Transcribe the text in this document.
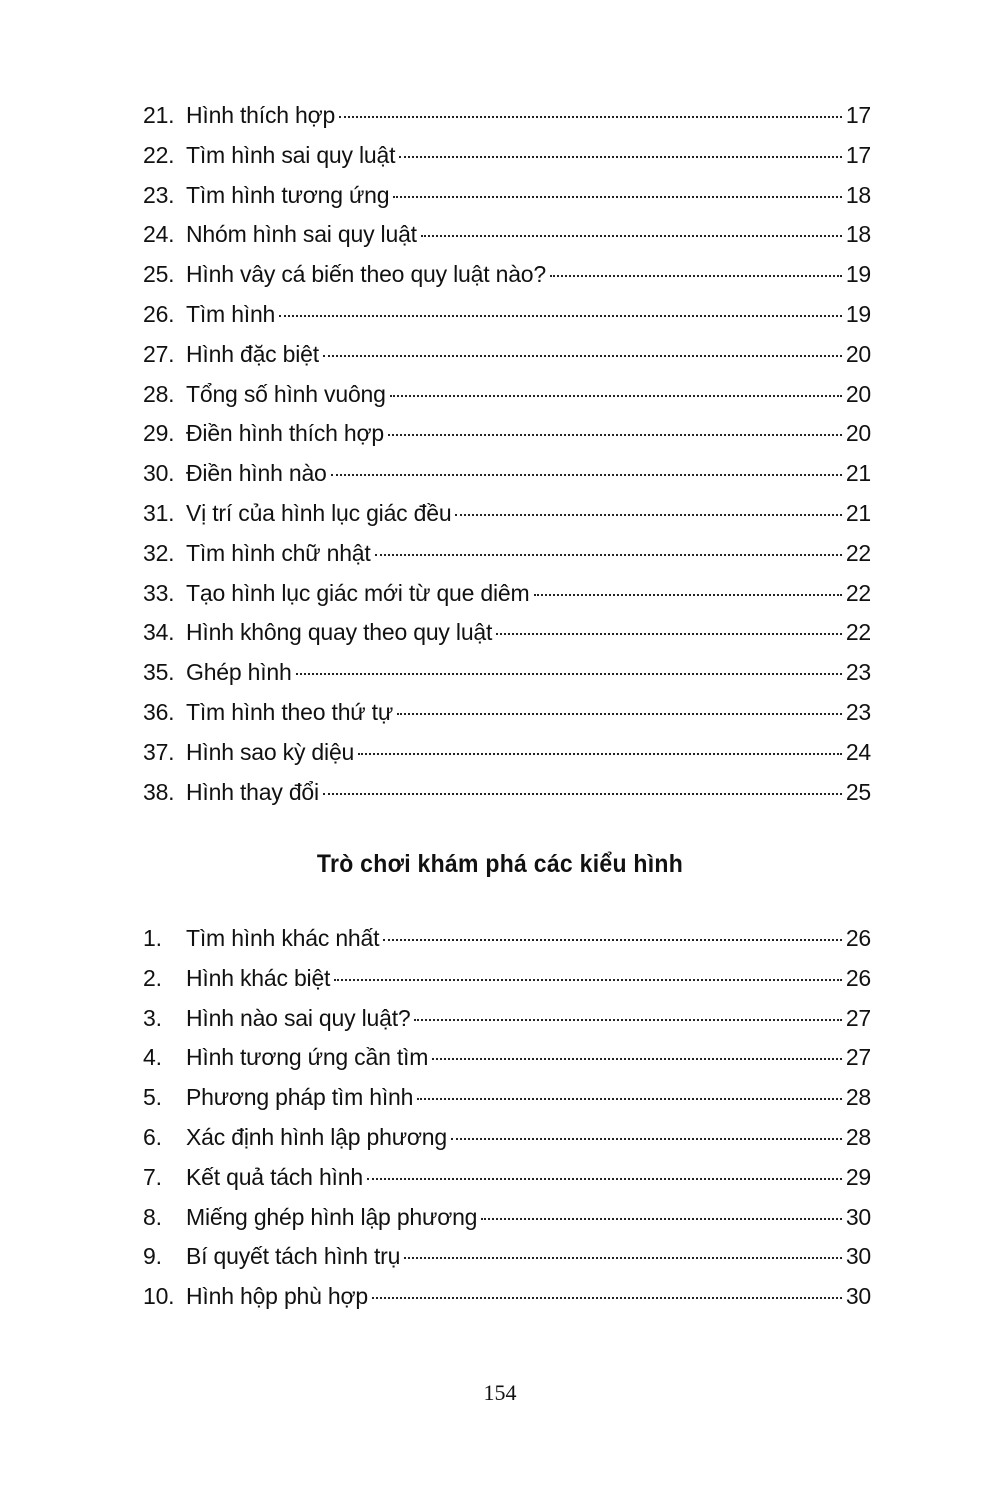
21. Hình thích hợp	17
22. Tìm hình sai quy luật	17
23. Tìm hình tương ứng	18
24. Nhóm hình sai quy luật	18
25. Hình vây cá biến theo quy luật nào?	19
26. Tìm hình	19
27. Hình đặc biệt	20
28. Tổng số hình vuông	20
29. Điền hình thích hợp	20
30. Điền hình nào	21
31. Vị trí của hình lục giác đều	21
32. Tìm hình chữ nhật	22
33. Tạo hình lục giác mới từ que diêm	22
34. Hình không quay theo quy luật	22
35. Ghép hình	23
36. Tìm hình theo thứ tự	23
37. Hình sao kỳ diệu	24
38. Hình thay đổi	25
Trò chơi khám phá các kiểu hình
1.	Tìm hình khác nhất	26
2.	Hình khác biệt	26
3.	Hình nào sai quy luật?	27
4.	Hình tương ứng cần tìm	27
5.	Phương pháp tìm hình	28
6.	Xác định hình lập phương	28
7.	Kết quả tách hình	29
8.	Miếng ghép hình lập phương	30
9.	Bí quyết tách hình trụ	30
10. Hình hộp phù hợp	30
154
